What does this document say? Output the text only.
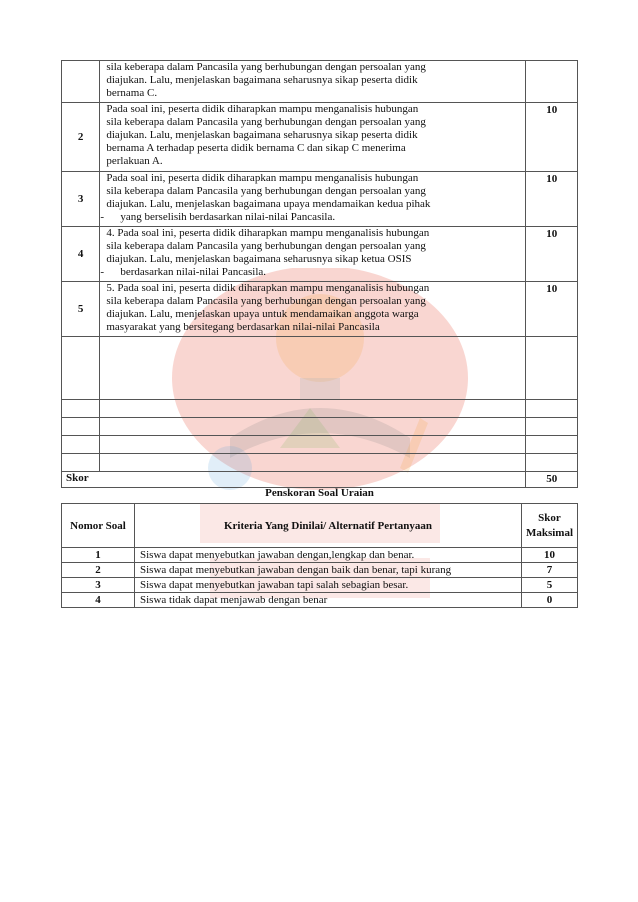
	sila keberapa dalam Pancasila yang berhubungan dengan persoalan yang
diajukan. Lalu, menjelaskan bagaimana seharusnya sikap peserta didik
bernama C.	

2	Pada soal ini, peserta didik diharapkan mampu menganalisis hubungan
sila keberapa dalam Pancasila yang berhubungan dengan persoalan yang
diajukan. Lalu, menjelaskan bagaimana seharusnya sikap peserta didik
bernama A terhadap peserta didik bernama C dan sikap C menerima
perlakuan A.	10
3	Pada soal ini, peserta didik diharapkan mampu menganalisis hubungan
sila keberapa dalam Pancasila yang berhubungan dengan persoalan yang
diajukan. Lalu, menjelaskan bagaimana upaya mendamaikan kedua pihak
‑ yang berselisih berdasarkan nilai-nilai Pancasila.	10
4	4. Pada soal ini, peserta didik diharapkan mampu menganalisis hubungan
sila keberapa dalam Pancasila yang berhubungan dengan persoalan yang
diajukan. Lalu, menjelaskan bagaimana seharusnya sikap ketua OSIS
‑ berdasarkan nilai-nilai Pancasila.	10
5	5. Pada soal ini, peserta didik diharapkan mampu menganalisis hubungan
sila keberapa dalam Pancasila yang berhubungan dengan persoalan yang
diajukan. Lalu, menjelaskan upaya untuk mendamaikan anggota warga
masyarakat yang bersitegang berdasarkan nilai-nilai Pancasila	10

Skor		50
Penskoran Soal Uraian
Nomor Soal	Kriteria Yang Dinilai/ Alternatif Pertanyaan	Skor
Maksimal

1	Siswa dapat menyebutkan jawaban dengan,lengkap dan benar.	10
2	Siswa dapat menyebutkan jawaban dengan baik dan benar, tapi kurang	7
3	Siswa dapat menyebutkan jawaban tapi salah sebagian besar.	5
4	Siswa tidak dapat menjawab dengan benar	0
